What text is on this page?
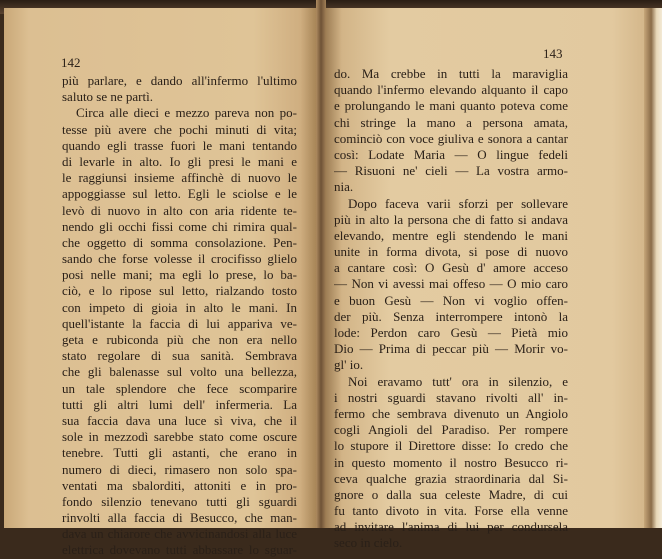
142
più parlare, e dando all'infermo l'ultimo
saluto se ne partì.
Circa alle dieci e mezzo pareva non po-
tesse più avere che pochi minuti di vita;
quando egli trasse fuori le mani tentando
di levarle in alto. Io gli presi le mani e
le raggiunsi insieme affinchè di nuovo le
appoggiasse sul letto. Egli le sciolse e le
levò di nuovo in alto con aria ridente te-
nendo gli occhi fissi come chi rimira qual-
che oggetto di somma consolazione. Pen-
sando che forse volesse il crocifisso glielo
posi nelle mani; ma egli lo prese, lo ba-
ciò, e lo ripose sul letto, rialzando tosto
con impeto di gioia in alto le mani. In
quell'istante la faccia di lui appariva ve-
geta e rubiconda più che non era nello
stato regolare di sua sanità. Sembrava
che gli balenasse sul volto una bellezza,
un tale splendore che fece scomparire
tutti gli altri lumi dell' infermeria. La
sua faccia dava una luce sì viva, che il
sole in mezzodì sarebbe stato come oscure
tenebre. Tutti gli astanti, che erano in
numero di dieci, rimasero non solo spa-
ventati ma sbalorditi, attoniti e in pro-
fondo silenzio tenevano tutti gli sguardi
rinvolti alla faccia di Besucco, che man-
dava un chiarore che avvicinandosi alla luce
elettrica dovevano tutti abbassare lo sguar-
143
do. Ma crebbe in tutti la maraviglia
quando l'infermo elevando alquanto il capo
e prolungando le mani quanto poteva come
chi stringe la mano a persona amata,
cominciò con voce giuliva e sonora a cantar
così: Lodate Maria — O lingue fedeli
— Risuoni ne' cieli — La vostra armo-
nia.
Dopo faceva varii sforzi per sollevare
più in alto la persona che di fatto si andava
elevando, mentre egli stendendo le mani
unite in forma divota, si pose di nuovo
a cantare così: O Gesù d' amore acceso
— Non vi avessi mai offeso — O mio caro
e buon Gesù — Non vi voglio offen-
der più. Senza interrompere intonò la
lode: Perdon caro Gesù — Pietà mio
Dio — Prima di peccar più — Morir vo-
gl' io.
Noi eravamo tutt' ora in silenzio, e
i nostri sguardi stavano rivolti all' in-
fermo che sembrava divenuto un Angiolo
cogli Angioli del Paradiso. Per rompere
lo stupore il Direttore disse: Io credo che
in questo momento il nostro Besucco ri-
ceva qualche grazia straordinaria dal Si-
gnore o dalla sua celeste Madre, di cui
fu tanto divoto in vita. Forse ella venne
ad invitare l'anima di lui per condursela
seco in cielo.
